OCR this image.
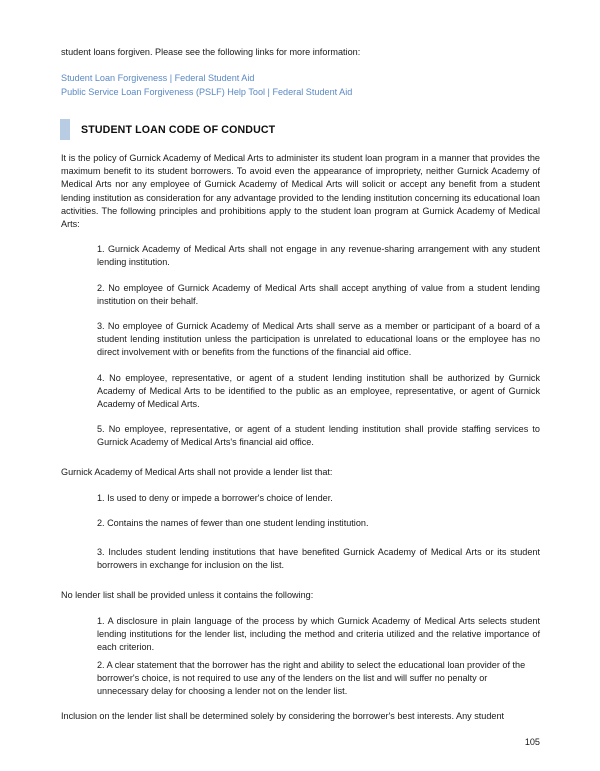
student loans forgiven. Please see the following links for more information:

Student Loan Forgiveness | Federal Student Aid
Public Service Loan Forgiveness (PSLF) Help Tool | Federal Student Aid
STUDENT LOAN CODE OF CONDUCT

It is the policy of Gurnick Academy of Medical Arts to administer its student loan program in a manner that provides the maximum benefit to its student borrowers. To avoid even the appearance of impropriety, neither Gurnick Academy of Medical Arts nor any employee of Gurnick Academy of Medical Arts will solicit or accept any benefit from a student lending institution as consideration for any advantage provided to the lending institution concerning its educational loan activities. The following principles and prohibitions apply to the student loan program at Gurnick Academy of Medical Arts:

1. Gurnick Academy of Medical Arts shall not engage in any revenue-sharing arrangement with any student lending institution.

2. No employee of Gurnick Academy of Medical Arts shall accept anything of value from a student lending institution on their behalf.

3. No employee of Gurnick Academy of Medical Arts shall serve as a member or participant of a board of a student lending institution unless the participation is unrelated to educational loans or the employee has no direct involvement with or benefits from the functions of the financial aid office.

4. No employee, representative, or agent of a student lending institution shall be authorized by Gurnick Academy of Medical Arts to be identified to the public as an employee, representative, or agent of Gurnick Academy of Medical Arts.

5. No employee, representative, or agent of a student lending institution shall provide staffing services to Gurnick Academy of Medical Arts's financial aid office.

Gurnick Academy of Medical Arts shall not provide a lender list that:

1. Is used to deny or impede a borrower's choice of lender.

2. Contains the names of fewer than one student lending institution.

3. Includes student lending institutions that have benefited Gurnick Academy of Medical Arts or its student borrowers in exchange for inclusion on the list.

No lender list shall be provided unless it contains the following:

1. A disclosure in plain language of the process by which Gurnick Academy of Medical Arts selects student lending institutions for the lender list, including the method and criteria utilized and the relative importance of each criterion.

2. A clear statement that the borrower has the right and ability to select the educational loan provider of the borrower's choice, is not required to use any of the lenders on the list and will suffer no penalty or unnecessary delay for choosing a lender not on the lender list.

Inclusion on the lender list shall be determined solely by considering the borrower's best interests. Any student

105
